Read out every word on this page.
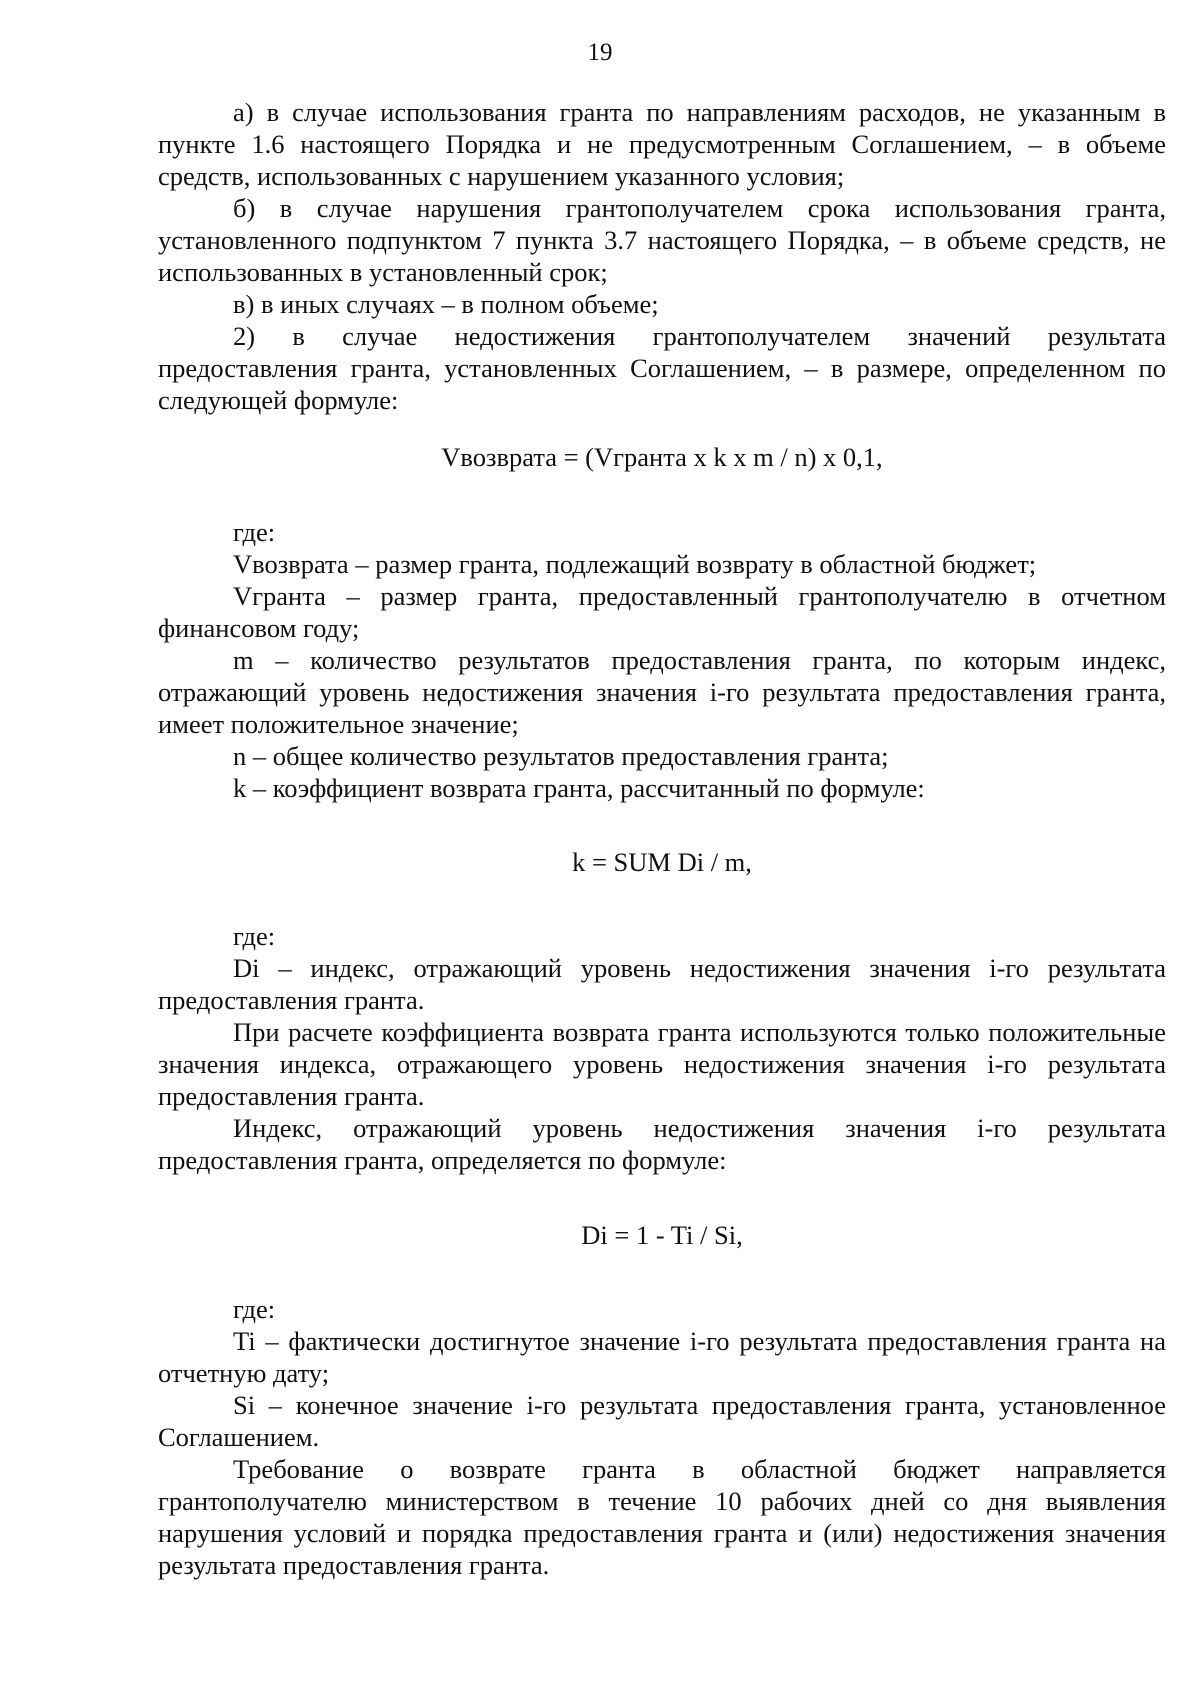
19

а) в случае использования гранта по направлениям расходов, не указанным в пункте 1.6 настоящего Порядка и не предусмотренным Соглашением, – в объеме средств, использованных с нарушением указанного условия;

б) в случае нарушения грантополучателем срока использования гранта, установленного подпунктом 7 пункта 3.7 настоящего Порядка, – в объеме средств, не использованных в установленный срок;

в) в иных случаях – в полном объеме;

2) в случае недостижения грантополучателем значений результата предоставления гранта, установленных Соглашением, – в размере, определенном по следующей формуле:

Vвозврата = (Vгранта x k x m / n) x 0,1,

где:

Vвозврата – размер гранта, подлежащий возврату в областной бюджет;

Vгранта – размер гранта, предоставленный грантополучателю в отчетном финансовом году;

m – количество результатов предоставления гранта, по которым индекс, отражающий уровень недостижения значения i-го результата предоставления гранта, имеет положительное значение;

n – общее количество результатов предоставления гранта;

k – коэффициент возврата гранта, рассчитанный по формуле:

k = SUM Di / m,

где:

Di – индекс, отражающий уровень недостижения значения i-го результата предоставления гранта.

При расчете коэффициента возврата гранта используются только положительные значения индекса, отражающего уровень недостижения значения i-го результата предоставления гранта.

Индекс, отражающий уровень недостижения значения i-го результата предоставления гранта, определяется по формуле:

Di = 1 - Ti / Si,

где:

Ti – фактически достигнутое значение i-го результата предоставления гранта на отчетную дату;

Si – конечное значение i-го результата предоставления гранта, установленное Соглашением.

Требование о возврате гранта в областной бюджет направляется грантополучателю министерством в течение 10 рабочих дней со дня выявления нарушения условий и порядка предоставления гранта и (или) недостижения значения результата предоставления гранта.
